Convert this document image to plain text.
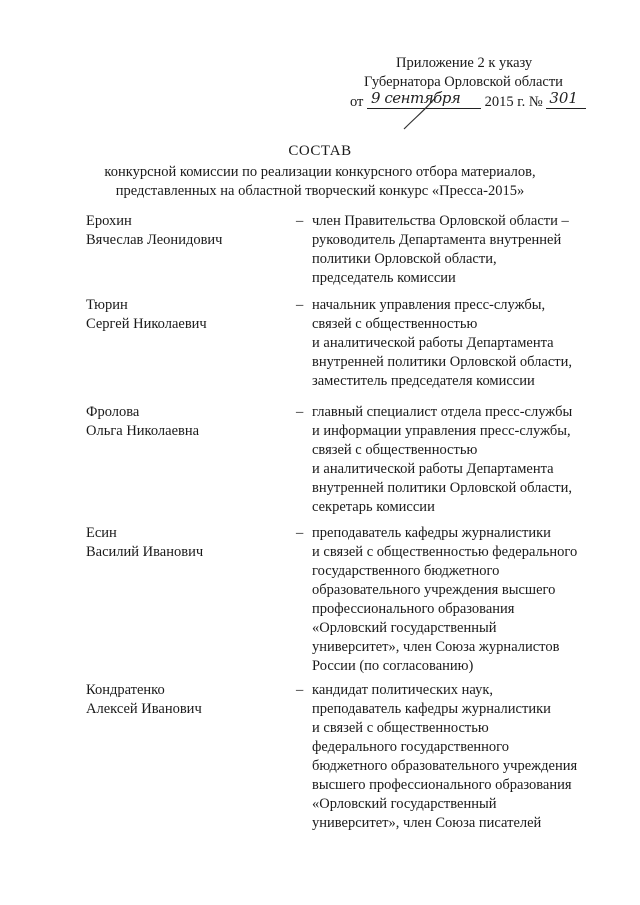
Приложение 2 к указу
Губернатора Орловской области
от 9 сентября 2015 г. № 301
СОСТАВ
конкурсной комиссии по реализации конкурсного отбора материалов,
представленных на областной творческий конкурс «Пресса-2015»
Ерохин
Вячеслав Леонидович
– член Правительства Орловской области –
руководитель Департамента внутренней
политики Орловской области,
председатель комиссии
Тюрин
Сергей Николаевич
– начальник управления пресс-службы,
связей с общественностью
и аналитической работы Департамента
внутренней политики Орловской области,
заместитель председателя комиссии
Фролова
Ольга Николаевна
– главный специалист отдела пресс-службы
и информации управления пресс-службы,
связей с общественностью
и аналитической работы Департамента
внутренней политики Орловской области,
секретарь комиссии
Есин
Василий Иванович
– преподаватель кафедры журналистики
и связей с общественностью федерального
государственного бюджетного
образовательного учреждения высшего
профессионального образования
«Орловский государственный
университет», член Союза журналистов
России (по согласованию)
Кондратенко
Алексей Иванович
– кандидат политических наук,
преподаватель кафедры журналистики
и связей с общественностью
федерального государственного
бюджетного образовательного учреждения
высшего профессионального образования
«Орловский государственный
университет», член Союза писателей
